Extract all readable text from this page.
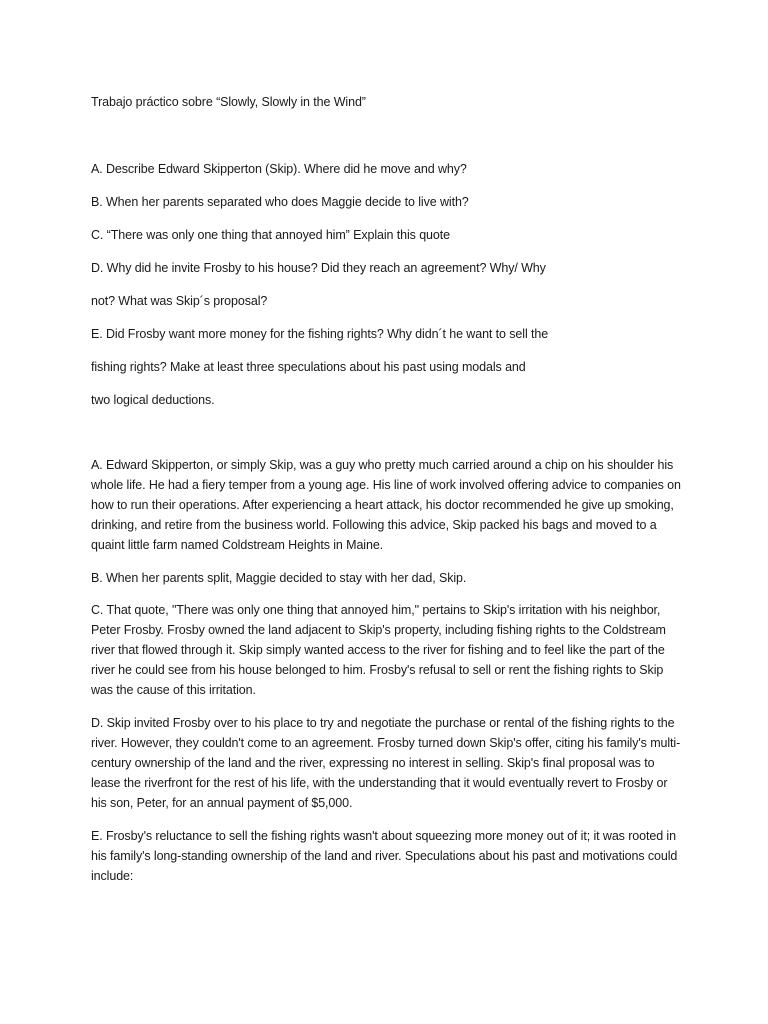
Trabajo práctico sobre “Slowly, Slowly in the Wind”
A. Describe Edward Skipperton (Skip). Where did he move and why?
B. When her parents separated who does Maggie decide to live with?
C. “There was only one thing that annoyed him” Explain this quote
D. Why did he invite Frosby to his house? Did they reach an agreement? Why/ Why
not? What was Skip´s proposal?
E. Did Frosby want more money for the fishing rights? Why didn´t he want to sell the
fishing rights? Make at least three speculations about his past using modals and
two logical deductions.
A. Edward Skipperton, or simply Skip, was a guy who pretty much carried around a chip on his shoulder his whole life. He had a fiery temper from a young age. His line of work involved offering advice to companies on how to run their operations. After experiencing a heart attack, his doctor recommended he give up smoking, drinking, and retire from the business world. Following this advice, Skip packed his bags and moved to a quaint little farm named Coldstream Heights in Maine.
B. When her parents split, Maggie decided to stay with her dad, Skip.
C. That quote, "There was only one thing that annoyed him," pertains to Skip's irritation with his neighbor, Peter Frosby. Frosby owned the land adjacent to Skip's property, including fishing rights to the Coldstream river that flowed through it. Skip simply wanted access to the river for fishing and to feel like the part of the river he could see from his house belonged to him. Frosby's refusal to sell or rent the fishing rights to Skip was the cause of this irritation.
D. Skip invited Frosby over to his place to try and negotiate the purchase or rental of the fishing rights to the river. However, they couldn't come to an agreement. Frosby turned down Skip's offer, citing his family's multi-century ownership of the land and the river, expressing no interest in selling. Skip's final proposal was to lease the riverfront for the rest of his life, with the understanding that it would eventually revert to Frosby or his son, Peter, for an annual payment of $5,000.
E. Frosby's reluctance to sell the fishing rights wasn't about squeezing more money out of it; it was rooted in his family's long-standing ownership of the land and river. Speculations about his past and motivations could include:
